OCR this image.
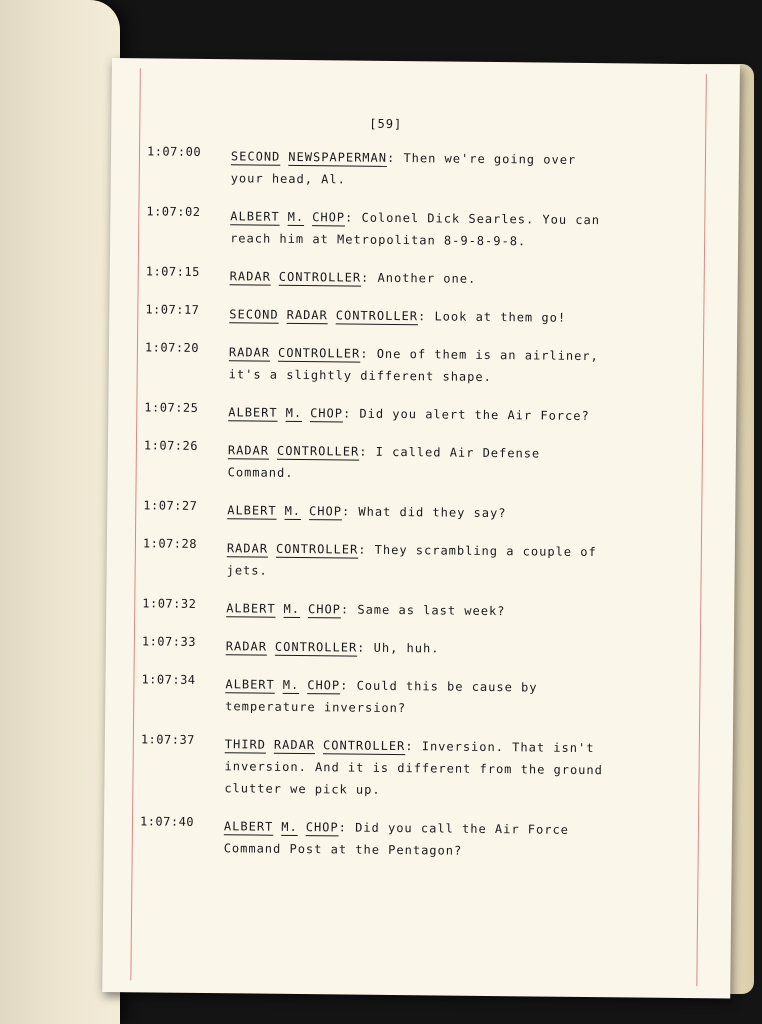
[59]
1:07:00 SECOND NEWSPAPERMAN: Then we're going over your head, Al.
1:07:02 ALBERT M. CHOP: Colonel Dick Searles. You can reach him at Metropolitan 8-9-8-9-8.
1:07:15 RADAR CONTROLLER: Another one.
1:07:17 SECOND RADAR CONTROLLER: Look at them go!
1:07:20 RADAR CONTROLLER: One of them is an airliner, it's a slightly different shape.
1:07:25 ALBERT M. CHOP: Did you alert the Air Force?
1:07:26 RADAR CONTROLLER: I called Air Defense Command.
1:07:27 ALBERT M. CHOP: What did they say?
1:07:28 RADAR CONTROLLER: They scrambling a couple of jets.
1:07:32 ALBERT M. CHOP: Same as last week?
1:07:33 RADAR CONTROLLER: Uh, huh.
1:07:34 ALBERT M. CHOP: Could this be cause by temperature inversion?
1:07:37 THIRD RADAR CONTROLLER: Inversion. That isn't inversion. And it is different from the ground clutter we pick up.
1:07:40 ALBERT M. CHOP: Did you call the Air Force Command Post at the Pentagon?
